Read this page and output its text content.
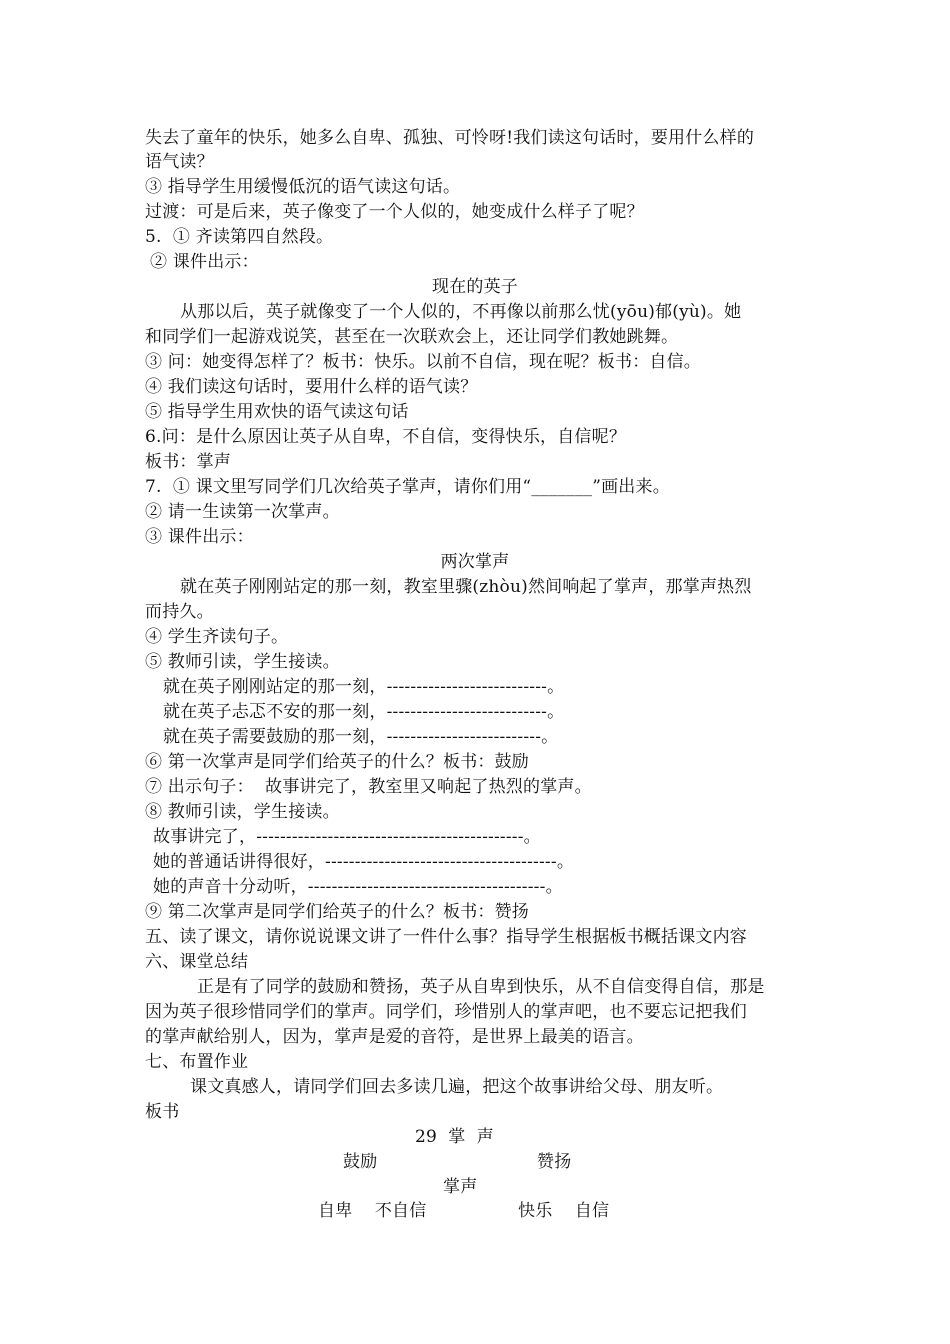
失去了童年的快乐，她多么自卑、孤独、可怜呀!我们读这句话时，要用什么样的

语气读？

③ 指导学生用缓慢低沉的语气读这句话。

过渡：可是后来，英子像变了一个人似的，她变成什么样子了呢？

5.  ① 齐读第四自然段。

② 课件出示：

现在的英子

从那以后，英子就像变了一个人似的，不再像以前那么忧(yōu)郁(yù)。她

和同学们一起游戏说笑，甚至在一次联欢会上，还让同学们教她跳舞。

③ 问：她变得怎样了？板书：快乐。以前不自信，现在呢？板书：自信。

④ 我们读这句话时，要用什么样的语气读？

⑤ 指导学生用欢快的语气读这句话

6.问：是什么原因让英子从自卑，不自信，变得快乐，自信呢？

板书：掌声

7.  ① 课文里写同学们几次给英子掌声，请你们用“_______”画出来。

② 请一生读第一次掌声。

③ 课件出示：

两次掌声

就在英子刚刚站定的那一刻，教室里骤(zhòu)然间响起了掌声，那掌声热烈

而持久。

④ 学生齐读句子。

⑤ 教师引读，学生接读。

就在英子刚刚站定的那一刻，---------------------------。

就在英子忐忑不安的那一刻，---------------------------。

就在英子需要鼓励的那一刻，--------------------------。

⑥ 第一次掌声是同学们给英子的什么？板书：鼓励

⑦ 出示句子：  故事讲完了，教室里又响起了热烈的掌声。

⑧ 教师引读，学生接读。

故事讲完了，---------------------------------------------。

她的普通话讲得很好，---------------------------------------。

她的声音十分动听，----------------------------------------。

⑨ 第二次掌声是同学们给英子的什么？板书：赞扬

五、读了课文，请你说说课文讲了一件什么事？指导学生根据板书概括课文内容

六、课堂总结

正是有了同学的鼓励和赞扬，英子从自卑到快乐，从不自信变得自信，那是

因为英子很珍惜同学们的掌声。同学们，珍惜别人的掌声吧，也不要忘记把我们

的掌声献给别人，因为，掌声是爱的音符，是世界上最美的语言。

七、布置作业

课文真感人，请同学们回去多读几遍，把这个故事讲给父母、朋友听。

板书

29  掌  声

鼓励	赞扬

掌声

自卑    不自信	快乐    自信
